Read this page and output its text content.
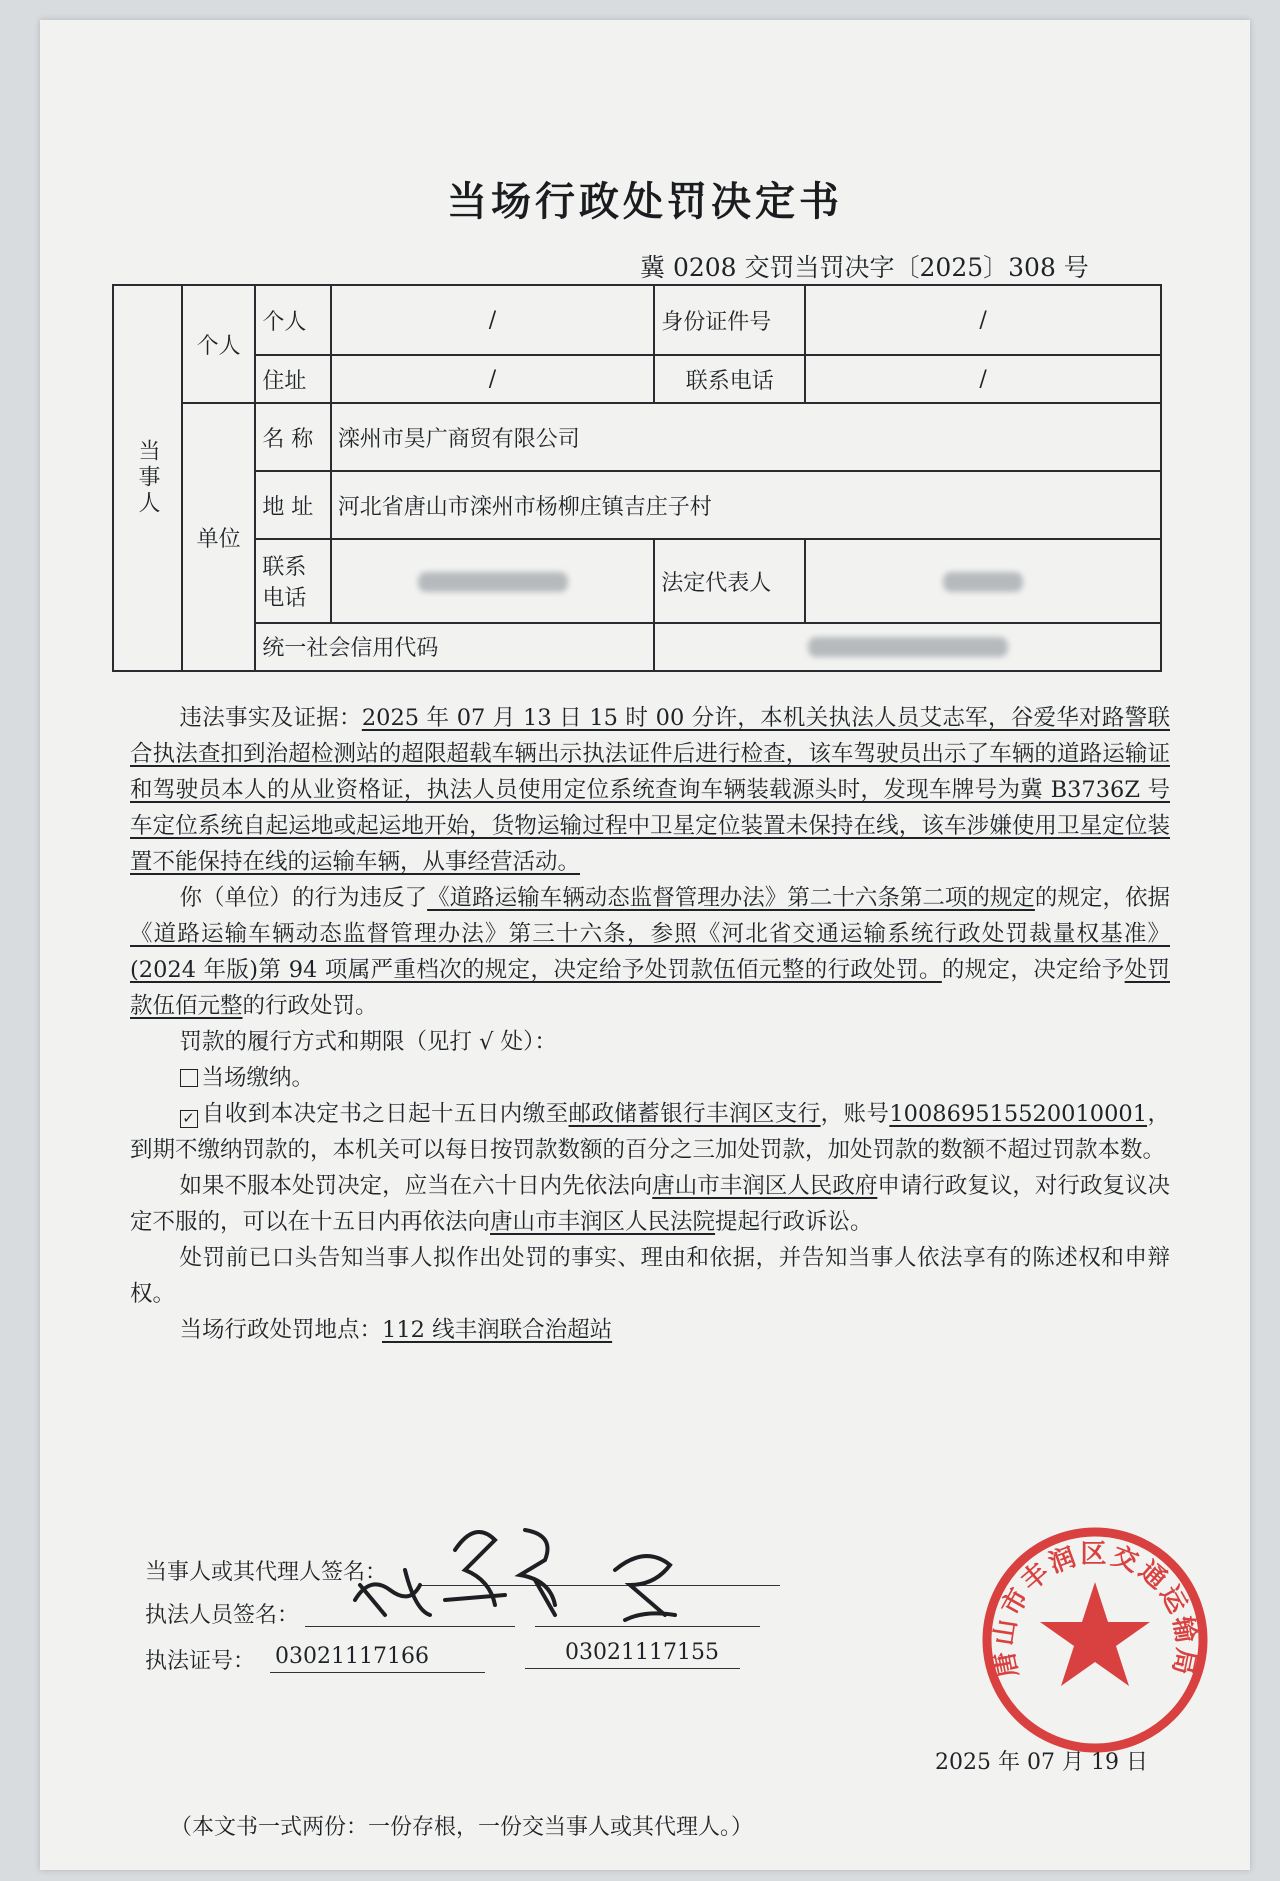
当场行政处罚决定书
冀 0208 交罚当罚决字〔2025〕308 号
当事人	个人	个人	/	身份证件号	/
		住址	/	联系电话	/
	单位	名 称	滦州市昊广商贸有限公司		
		地 址	河北省唐山市滦州市杨柳庄镇吉庄子村		
		联系电话		法定代表人	
		统一社会信用代码			

违法事实及证据：2025 年 07 月 13 日 15 时 00 分许，本机关执法人员艾志军，谷爱华对路警联合执法查扣到治超检测站的超限超载车辆出示执法证件后进行检查，该车驾驶员出示了车辆的道路运输证和驾驶员本人的从业资格证，执法人员使用定位系统查询车辆装载源头时，发现车牌号为冀 B3736Z 号车定位系统自起运地或起运地开始，货物运输过程中卫星定位装置未保持在线，该车涉嫌使用卫星定位装置不能保持在线的运输车辆，从事经营活动。

你（单位）的行为违反了《道路运输车辆动态监督管理办法》第二十六条第二项的规定的规定，依据《道路运输车辆动态监督管理办法》第三十六条，参照《河北省交通运输系统行政处罚裁量权基准》(2024 年版)第 94 项属严重档次的规定，决定给予处罚款伍佰元整的行政处罚。的规定，决定给予处罚款伍佰元整的行政处罚。

罚款的履行方式和期限（见打 √ 处）：

当场缴纳。

✓ 自收到本决定书之日起十五日内缴至邮政储蓄银行丰润区支行，账号100869515520010001，到期不缴纳罚款的，本机关可以每日按罚款数额的百分之三加处罚款，加处罚款的数额不超过罚款本数。

如果不服本处罚决定，应当在六十日内先依法向唐山市丰润区人民政府申请行政复议，对行政复议决定不服的，可以在十五日内再依法向唐山市丰润区人民法院提起行政诉讼。

处罚前已口头告知当事人拟作出处罚的事实、理由和依据，并告知当事人依法享有的陈述权和申辩权。

当场行政处罚地点：112 线丰润联合治超站

当事人或其代理人签名：
执法人员签名：
执法证号： 03021117166	03021117155	唐山市丰润区交通运输局
2025 年 07 月 19 日
（本文书一式两份：一份存根，一份交当事人或其代理人。）
